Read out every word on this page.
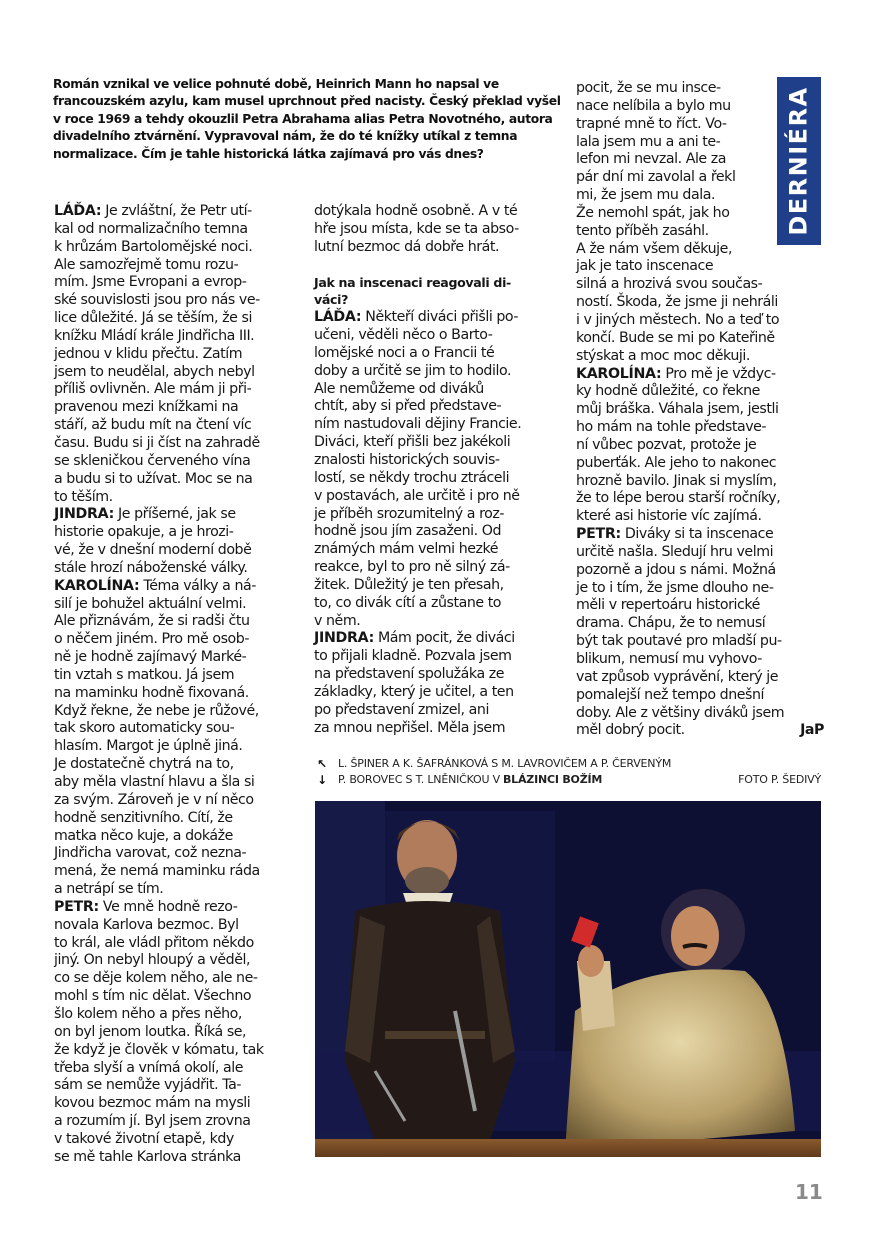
DERNIÉRA
Román vznikal ve velice pohnuté době, Heinrich Mann ho napsal ve francouzském azylu, kam musel uprchnout před nacisty. Český překlad vyšel v roce 1969 a tehdy okouzlil Petra Abrahama alias Petra Novotného, autora divadelního ztvárnění. Vypravoval nám, že do té knížky utíkal z temna normalizace. Čím je tahle historická látka zajímavá pro vás dnes?
LÁĎA: Je zvláštní, že Petr utí-
kal od normalizačního temna
k hrůzám Bartolomějské noci.
Ale samozřejmě tomu rozu-
mím. Jsme Evropani a evrop-
ské souvislosti jsou pro nás ve-
lice důležité. Já se těším, že si
knížku Mládí krále Jindřicha III.
jednou v klidu přečtu. Zatím
jsem to neudělal, abych nebyl
příliš ovlivněn. Ale mám ji při-
pravenou mezi knížkami na
stáří, až budu mít na čtení víc
času. Budu si ji číst na zahradě
se skleničkou červeného vína
a budu si to užívat. Moc se na
to těším.
JINDRA: Je příšerné, jak se
historie opakuje, a je hrozi-
vé, že v dnešní moderní době
stále hrozí náboženské války.
KAROLÍNA: Téma války a ná-
silí je bohužel aktuální velmi.
Ale přiznávám, že si radši čtu
o něčem jiném. Pro mě osob-
ně je hodně zajímavý Marké-
tin vztah s matkou. Já jsem
na maminku hodně fixovaná.
Když řekne, že nebe je růžové,
tak skoro automaticky sou-
hlasím. Margot je úplně jiná.
Je dostatečně chytrá na to,
aby měla vlastní hlavu a šla si
za svým. Zároveň je v ní něco
hodně senzitivního. Cítí, že
matka něco kuje, a dokáže
Jindřicha varovat, což nezna-
mená, že nemá maminku ráda
a netrápí se tím.
PETR: Ve mně hodně rezo-
novala Karlova bezmoc. Byl
to král, ale vládl přitom někdo
jiný. On nebyl hloupý a věděl,
co se děje kolem něho, ale ne-
mohl s tím nic dělat. Všechno
šlo kolem něho a přes něho,
on byl jenom loutka. Říká se,
že když je člověk v kómatu, tak
třeba slyší a vnímá okolí, ale
sám se nemůže vyjádřit. Ta-
kovou bezmoc mám na mysli
a rozumím jí. Byl jsem zrovna
v takové životní etapě, kdy
se mě tahle Karlova stránka
dotýkala hodně osobně. A v té
hře jsou místa, kde se ta abso-
lutní bezmoc dá dobře hrát.
Jak na inscenaci reagovali di-
váci?
LÁĎA: Někteří diváci přišli po-
učeni, věděli něco o Barto-
lomějské noci a o Francii té
doby a určitě se jim to hodilo.
Ale nemůžeme od diváků
chtít, aby si před představe-
ním nastudovali dějiny Francie.
Diváci, kteří přišli bez jakékoli
znalosti historických souvis-
lostí, se někdy trochu ztráceli
v postavách, ale určitě i pro ně
je příběh srozumitelný a roz-
hodně jsou jím zasaženi. Od
známých mám velmi hezké
reakce, byl to pro ně silný zá-
žitek. Důležitý je ten přesah,
to, co divák cítí a zůstane to
v něm.
JINDRA: Mám pocit, že diváci
to přijali kladně. Pozvala jsem
na představení spolužáka ze
základky, který je učitel, a ten
po představení zmizel, ani
za mnou nepřišel. Měla jsem
pocit, že se mu insce-
nace nelíbila a bylo mu
trapné mně to říct. Vo-
lala jsem mu a ani te-
lefon mi nevzal. Ale za
pár dní mi zavolal a řekl
mi, že jsem mu dala.
Že nemohl spát, jak ho
tento příběh zasáhl.
A že nám všem děkuje,
jak je tato inscenace
silná a hrozivá svou součas-
ností. Škoda, že jsme ji nehráli
i v jiných městech. No a teď to
končí. Bude se mi po Kateřině
stýskat a moc moc děkuji.
KAROLÍNA: Pro mě je vždyc-
ky hodně důležité, co řekne
můj bráška. Váhala jsem, jestli
ho mám na tohle představe-
ní vůbec pozvat, protože je
puberťák. Ale jeho to nakonec
hrozně bavilo. Jinak si myslím,
že to lépe berou starší ročníky,
které asi historie víc zajímá.
PETR: Diváky si ta inscenace
určitě našla. Sledují hru velmi
pozorně a jdou s námi. Možná
je to i tím, že jsme dlouho ne-
měli v repertoáru historické
drama. Chápu, že to nemusí
být tak poutavé pro mladší pu-
blikum, nemusí mu vyhovo-
vat způsob vyprávění, který je
pomalejší než tempo dnešní
doby. Ale z většiny diváků jsem
měl dobrý pocit.	JaP
↖ L. ŠPINER A K. ŠAFRÁNKOVÁ S M. LAVROVIČEM A P. ČERVENÝM
↓ P. BOROVEC S T. LNĚNIČKOU V BLÁZINCI BOŽÍM	FOTO P. ŠEDIVÝ
11
